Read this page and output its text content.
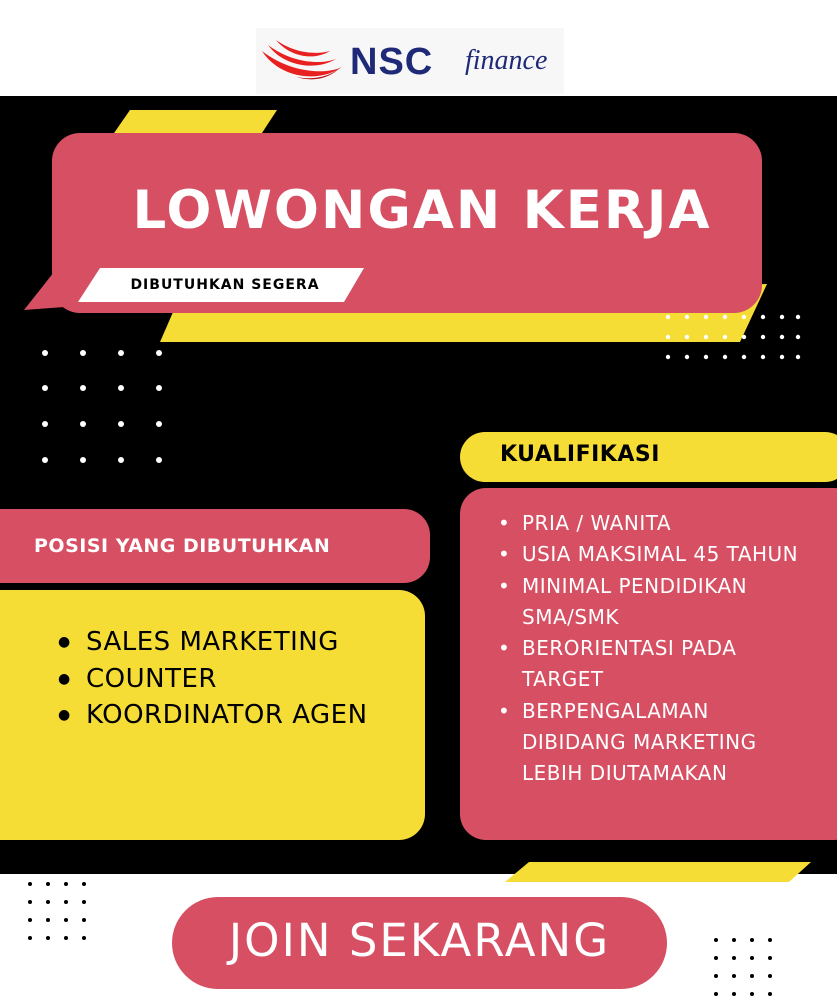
NSC finance
LOWONGAN KERJA
DIBUTUHKAN SEGERA
KUALIFIKASI
• PRIA / WANITA
• USIA MAKSIMAL 45 TAHUN
• MINIMAL PENDIDIKAN SMA/SMK
• BERORIENTASI PADA TARGET
• BERPENGALAMAN DIBIDANG MARKETING LEBIH DIUTAMAKAN
POSISI YANG DIBUTUHKAN
● SALES MARKETING
● COUNTER
● KOORDINATOR AGEN
JOIN SEKARANG
